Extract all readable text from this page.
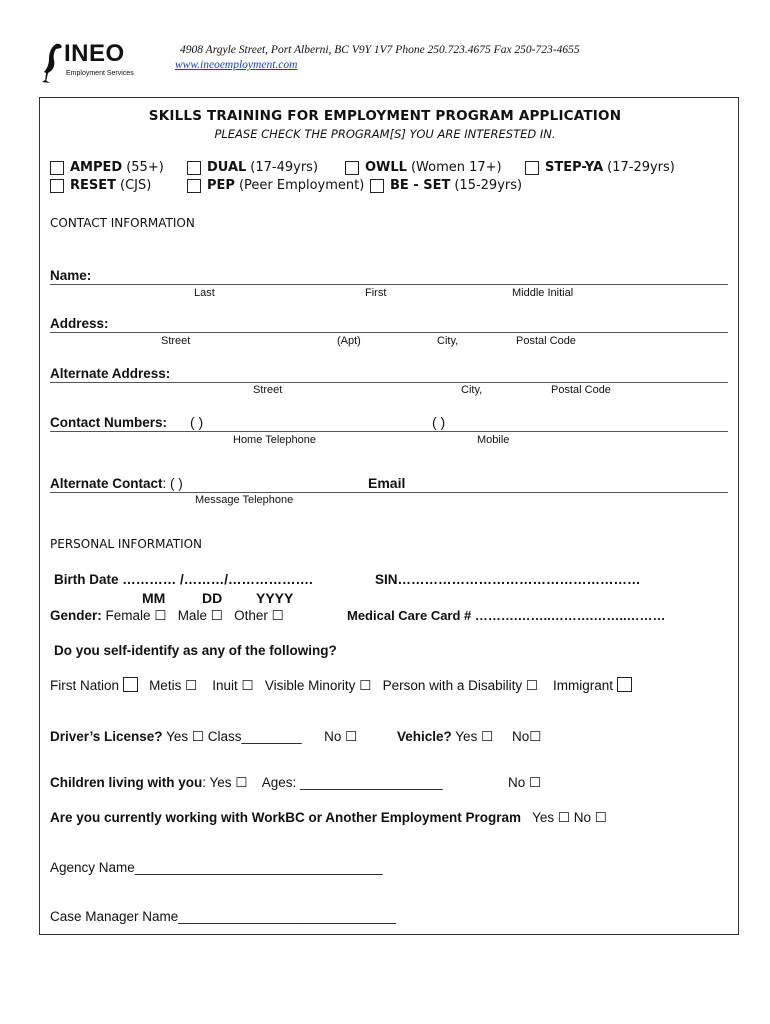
INEO
Employment Services
4908 Argyle Street, Port Alberni, BC V9Y 1V7 Phone 250.723.4675 Fax 250-723-4655
www.ineoemployment.com
SKILLS TRAINING FOR EMPLOYMENT PROGRAM APPLICATION
PLEASE CHECK THE PROGRAM[S] YOU ARE INTERESTED IN.
AMPED (55+)	DUAL (17-49yrs)	OWLL (Women 17+)	STEP-YA (17-29yrs)
RESET (CJS)	PEP (Peer Employment) BE - SET (15-29yrs)
CONTACT INFORMATION
Name:
Last	First	Middle Initial
Address:
Street	(Apt)	City,	Postal Code
Alternate Address:
Street	City,	Postal Code
Contact Numbers: ( )	( )
Home Telephone	Mobile
Alternate Contact: ( )	Email
Message Telephone
PERSONAL INFORMATION
Birth Date ………… /………/……………….	SIN………………………………………………
MM	DD YYYY
Gender: Female ☐ Male ☐ Other ☐	Medical Care Card # ……….……..……….……..………
Do you self-identify as any of the following?
First Nation Metis ☐ Inuit ☐ Visible Minority ☐ Person with a Disability ☐ Immigrant
Driver’s License? Yes ☐ Class________ No ☐	Vehicle? Yes ☐ No☐
Children living with you: Yes ☐ Ages: ___________________	No ☐
Are you currently working with WorkBC or Another Employment Program Yes ☐ No ☐
Agency Name_________________________________
Case Manager Name_____________________________
